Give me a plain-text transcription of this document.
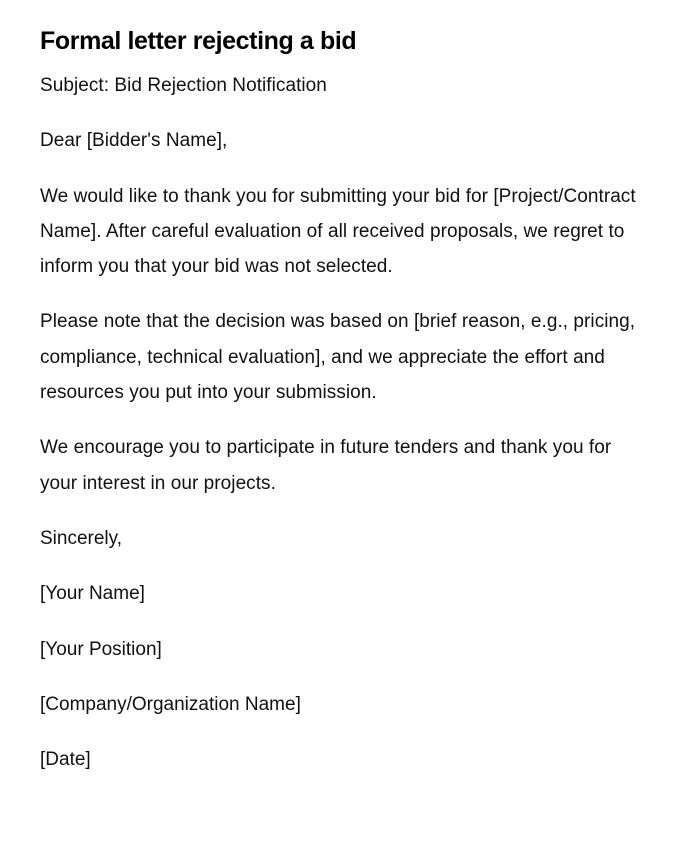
Formal letter rejecting a bid

Subject: Bid Rejection Notification

Dear [Bidder's Name],

We would like to thank you for submitting your bid for [Project/Contract Name]. After careful evaluation of all received proposals, we regret to inform you that your bid was not selected.

Please note that the decision was based on [brief reason, e.g., pricing, compliance, technical evaluation], and we appreciate the effort and resources you put into your submission.

We encourage you to participate in future tenders and thank you for your interest in our projects.

Sincerely,

[Your Name]

[Your Position]

[Company/Organization Name]

[Date]
